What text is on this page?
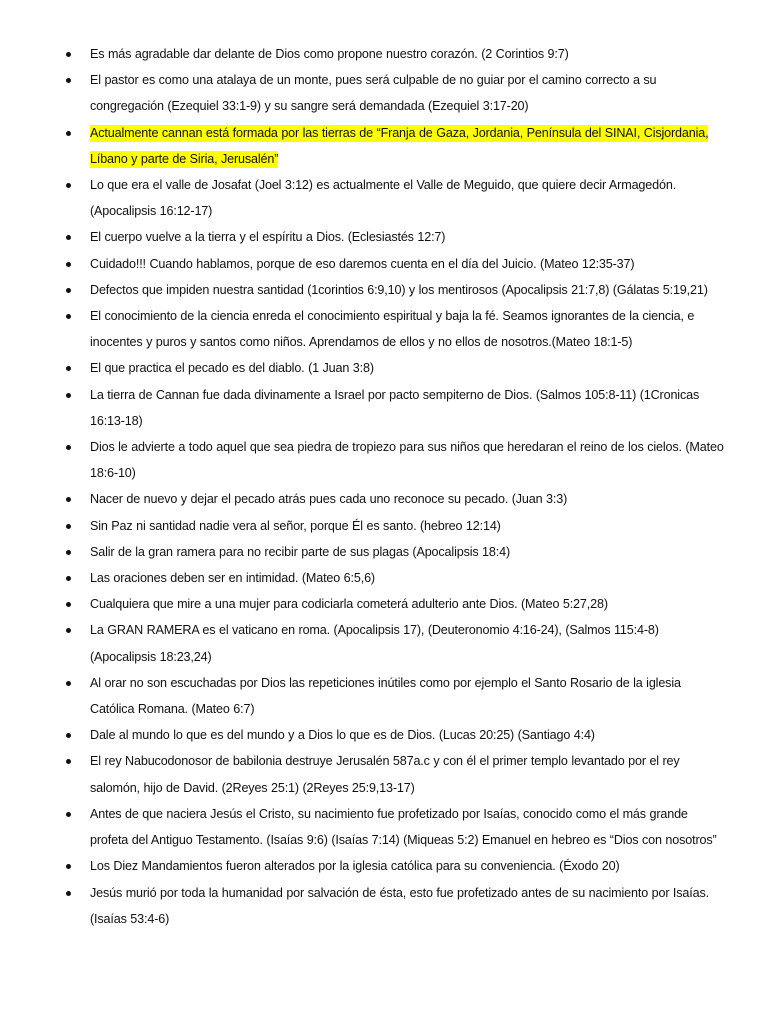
Es más agradable dar delante de Dios como propone nuestro corazón. (2 Corintios 9:7)
El pastor es como una atalaya de un monte, pues será culpable de no guiar por el camino correcto a su congregación (Ezequiel 33:1-9) y su sangre será demandada (Ezequiel 3:17-20)
Actualmente cannan está formada por las tierras de “Franja de Gaza, Jordania, Península del SINAI, Cisjordania, Líbano y parte de Siria, Jerusalén”
Lo que era el valle de Josafat (Joel 3:12) es actualmente el Valle de Meguido, que quiere decir Armagedón. (Apocalipsis 16:12-17)
El cuerpo vuelve a la tierra y el espíritu a Dios. (Eclesiastés 12:7)
Cuidado!!! Cuando hablamos, porque de eso daremos cuenta en el día del Juicio. (Mateo 12:35-37)
Defectos que impiden nuestra santidad (1corintios 6:9,10) y los mentirosos (Apocalipsis 21:7,8) (Gálatas 5:19,21)
El conocimiento de la ciencia enreda el conocimiento espiritual y baja la fé. Seamos ignorantes de la ciencia, e inocentes y puros y santos como niños. Aprendamos de ellos y no ellos de nosotros.(Mateo 18:1-5)
El que practica el pecado es del diablo. (1 Juan 3:8)
La tierra de Cannan fue dada divinamente a Israel por pacto sempiterno de Dios. (Salmos 105:8-11) (1Cronicas 16:13-18)
Dios le advierte a todo aquel que sea piedra de tropiezo para sus niños que heredaran el reino de los cielos. (Mateo 18:6-10)
Nacer de nuevo y dejar el pecado atrás pues cada uno reconoce su pecado. (Juan 3:3)
Sin Paz ni santidad nadie vera al señor, porque Él es santo. (hebreo 12:14)
Salir de la gran ramera para no recibir parte de sus plagas (Apocalipsis 18:4)
Las oraciones deben ser en intimidad. (Mateo 6:5,6)
Cualquiera que mire a una mujer para codiciarla cometerá adulterio ante Dios. (Mateo 5:27,28)
La GRAN RAMERA es el vaticano en roma. (Apocalipsis 17), (Deuteronomio 4:16-24), (Salmos 115:4-8) (Apocalipsis 18:23,24)
Al orar no son escuchadas por Dios las repeticiones inútiles como por ejemplo el Santo Rosario de la iglesia Católica Romana. (Mateo 6:7)
Dale al mundo lo que es del mundo y a Dios lo que es de Dios. (Lucas 20:25) (Santiago 4:4)
El rey Nabucodonosor de babilonia destruye Jerusalén 587a.c y con él el primer templo levantado por el rey salomón, hijo de David. (2Reyes 25:1) (2Reyes 25:9,13-17)
Antes de que naciera Jesús el Cristo, su nacimiento fue profetizado por Isaías, conocido como el más grande profeta del Antiguo Testamento. (Isaías 9:6) (Isaías 7:14) (Miqueas 5:2) Emanuel en hebreo es “Dios con nosotros”
Los Diez Mandamientos fueron alterados por la iglesia católica para su conveniencia. (Éxodo 20)
Jesús murió por toda la humanidad por salvación de ésta, esto fue profetizado antes de su nacimiento por Isaías. (Isaías 53:4-6)
